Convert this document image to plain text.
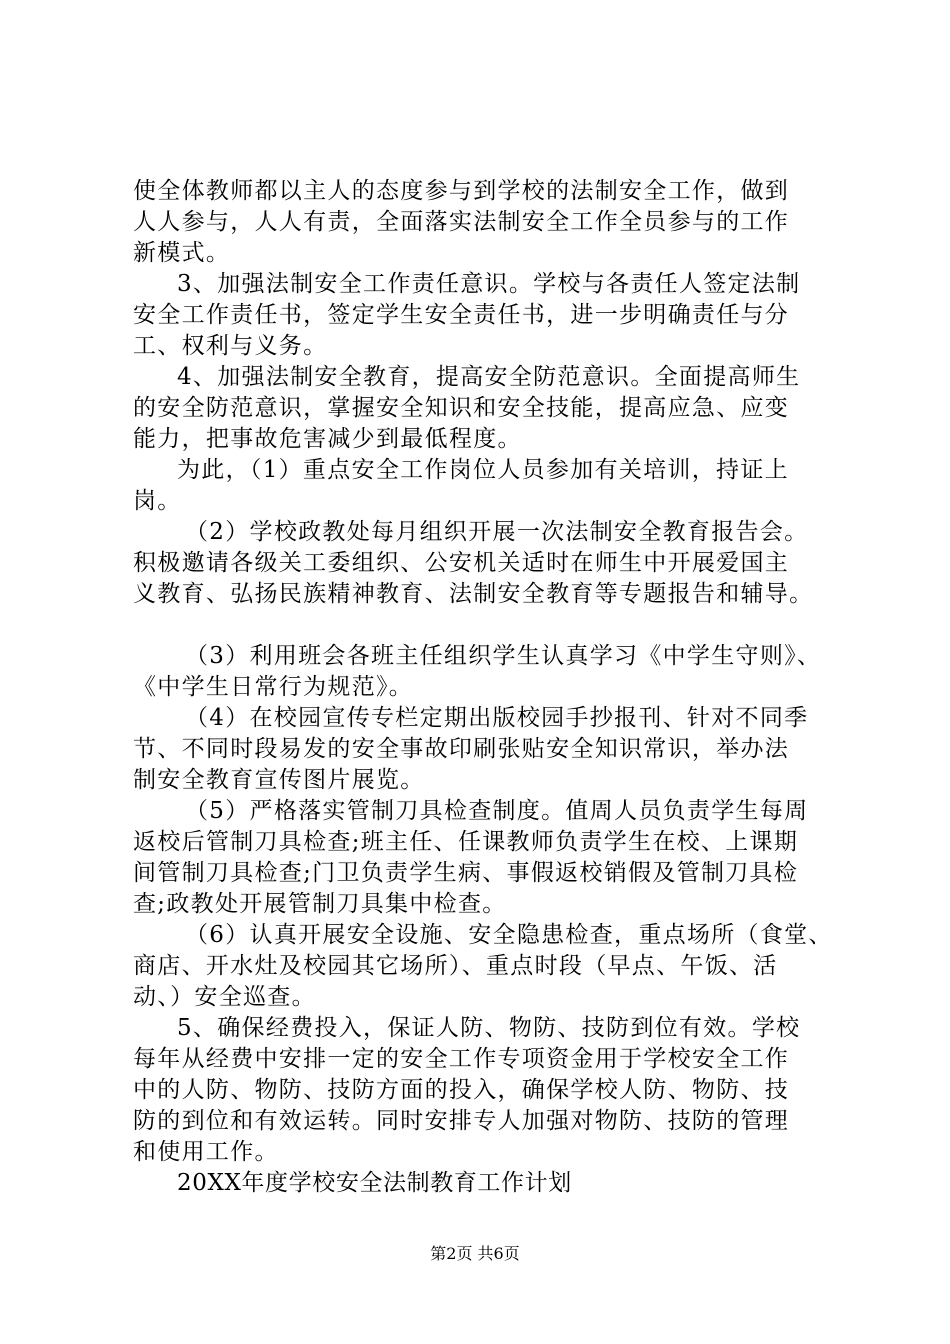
使全体教师都以主人的态度参与到学校的法制安全工作，做到
人人参与，人人有责，全面落实法制安全工作全员参与的工作
新模式。
3、加强法制安全工作责任意识。学校与各责任人签定法制
安全工作责任书，签定学生安全责任书，进一步明确责任与分
工、权利与义务。
4、加强法制安全教育，提高安全防范意识。全面提高师生
的安全防范意识，掌握安全知识和安全技能，提高应急、应变
能力，把事故危害减少到最低程度。
为此，（1）重点安全工作岗位人员参加有关培训，持证上
岗。
（2）学校政教处每月组织开展一次法制安全教育报告会。
积极邀请各级关工委组织、公安机关适时在师生中开展爱国主
义教育、弘扬民族精神教育、法制安全教育等专题报告和辅导。
（3）利用班会各班主任组织学生认真学习《中学生守则》、
《中学生日常行为规范》。
（4）在校园宣传专栏定期出版校园手抄报刊、针对不同季
节、不同时段易发的安全事故印刷张贴安全知识常识，举办法
制安全教育宣传图片展览。
（5）严格落实管制刀具检查制度。值周人员负责学生每周
返校后管制刀具检查;班主任、任课教师负责学生在校、上课期
间管制刀具检查;门卫负责学生病、事假返校销假及管制刀具检
查;政教处开展管制刀具集中检查。
（6）认真开展安全设施、安全隐患检查，重点场所（食堂、
商店、开水灶及校园其它场所）、重点时段（早点、午饭、活
动、）安全巡查。
5、确保经费投入，保证人防、物防、技防到位有效。学校
每年从经费中安排一定的安全工作专项资金用于学校安全工作
中的人防、物防、技防方面的投入，确保学校人防、物防、技
防的到位和有效运转。同时安排专人加强对物防、技防的管理
和使用工作。
20XX年度学校安全法制教育工作计划
第2页 共6页
